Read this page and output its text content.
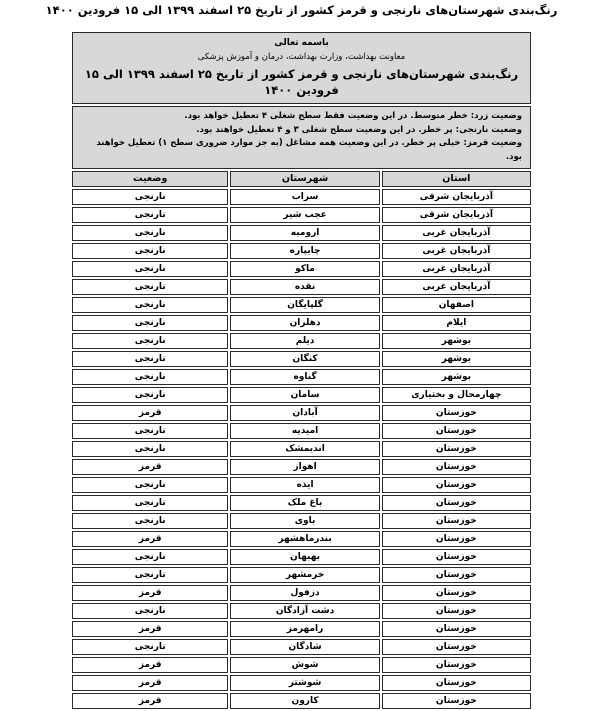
رنگ‌بندی شهرستان‌های نارنجی و قرمز کشور از تاریخ ۲۵ اسفند ۱۳۹۹ الی ۱۵ فرودین ۱۴۰۰
باسمه تعالی
معاونت بهداشت، وزارت بهداشت، درمان و آموزش پزشکی
رنگ‌بندی شهرستان‌های نارنجی و قرمز کشور از تاریخ ۲۵ اسفند ۱۳۹۹ الی ۱۵ فرودین ۱۴۰۰		

وضعیت زرد: خطر متوسط. در این وضعیت فقط سطح شغلی ۴ تعطیل خواهد بود.
وضعیت نارنجی: پر خطر. در این وضعیت سطح شغلی ۳ و ۴ تعطیل خواهند بود.
وضعیت قرمز: خیلی پر خطر. در این وضعیت همه مشاغل (به جز موارد ضروری سطح ۱) تعطیل خواهند بود.		

استان	شهرستان	وضعیت
آذربایجان شرقی	سراب	نارنجی
آذربایجان شرقی	عجب شیر	نارنجی
آذربایجان غربی	ارومیه	نارنجی
آذربایجان غربی	چایپاره	نارنجی
آذربایجان غربی	ماکو	نارنجی
آذربایجان غربی	نقده	نارنجی
اصفهان	گلپایگان	نارنجی
ایلام	دهلران	نارنجی
بوشهر	دیلم	نارنجی
بوشهر	کنگان	نارنجی
بوشهر	گناوه	نارنجی
چهارمحال و بختیاری	سامان	نارنجی
خوزستان	آبادان	قرمز
خوزستان	امیدیه	نارنجی
خوزستان	اندیمشک	نارنجی
خوزستان	اهواز	قرمز
خوزستان	ایذه	نارنجی
خوزستان	باغ ملک	نارنجی
خوزستان	باوی	نارنجی
خوزستان	بندرماهشهر	قرمز
خوزستان	بهبهان	نارنجی
خوزستان	خرمشهر	نارنجی
خوزستان	دزفول	قرمز
خوزستان	دشت آزادگان	نارنجی
خوزستان	رامهرمز	قرمز
خوزستان	شادگان	نارنجی
خوزستان	شوش	قرمز
خوزستان	شوشتر	قرمز
خوزستان	کارون	قرمز
